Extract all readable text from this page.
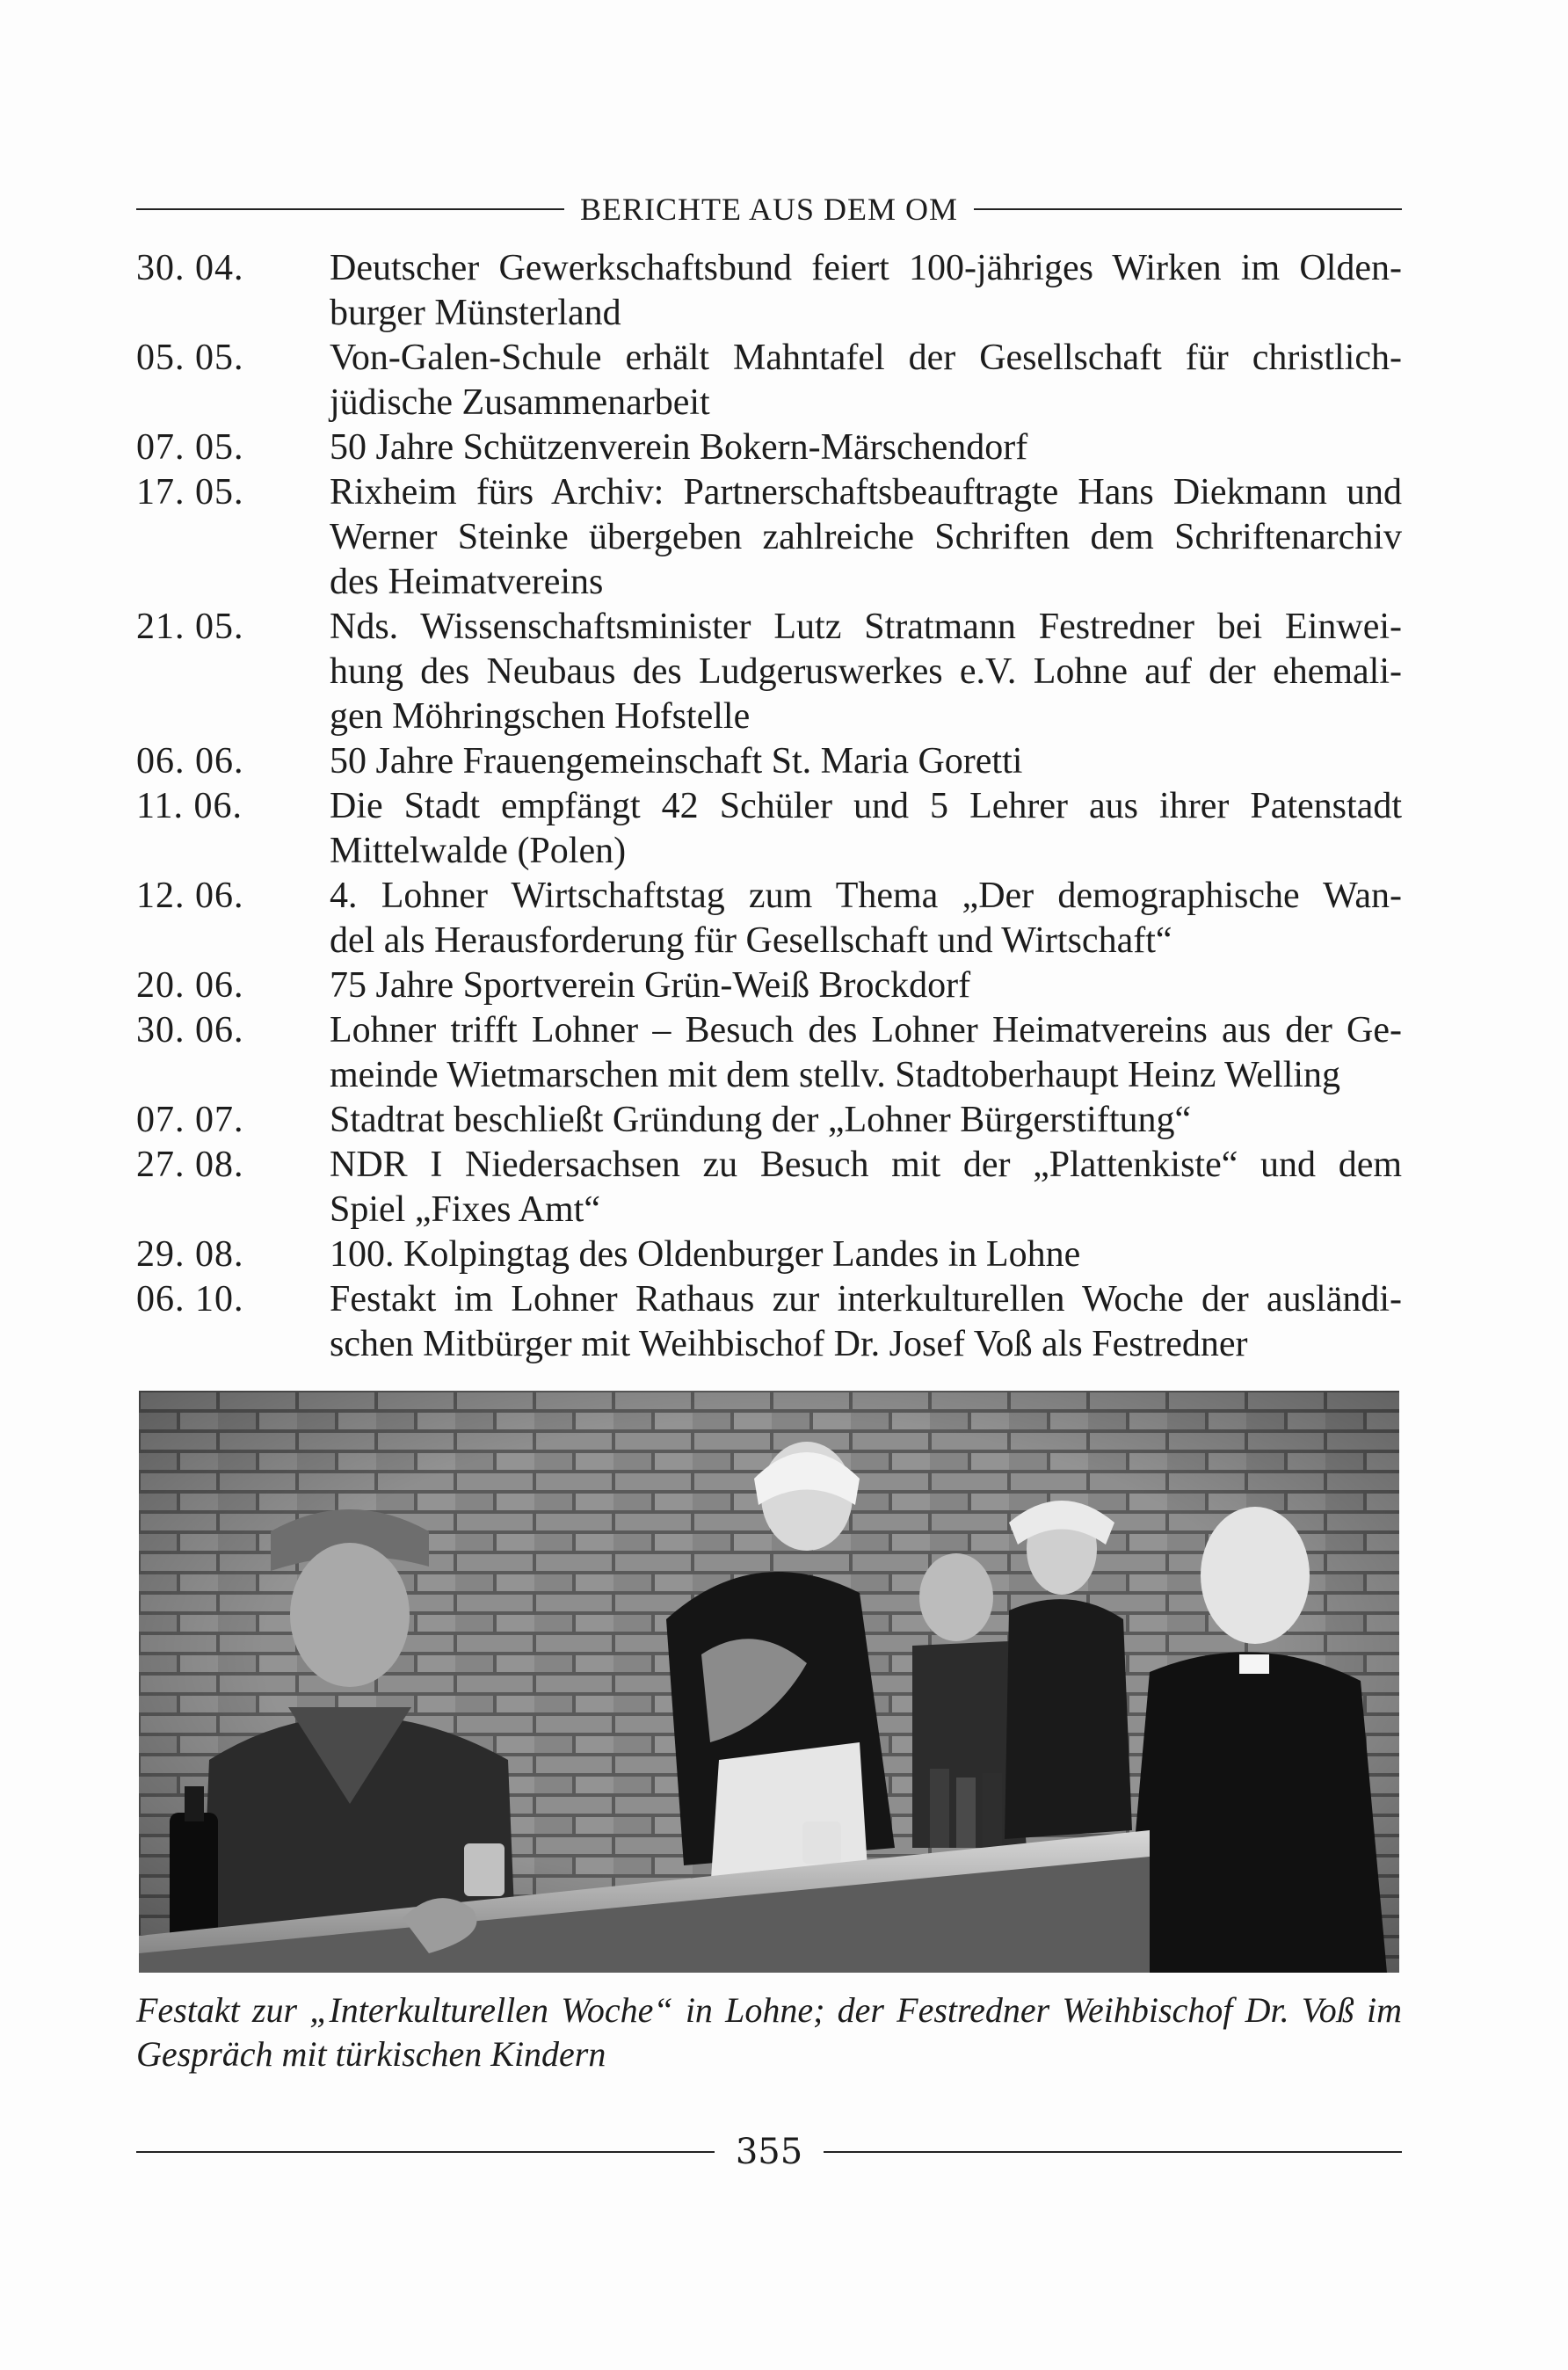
BERICHTE AUS DEM OM
30. 04.	Deutscher Gewerkschaftsbund feiert 100-jähriges Wirken im Olden-
burger Münsterland
05. 05.	Von-Galen-Schule erhält Mahntafel der Gesellschaft für christlich-
jüdische Zusammenarbeit
07. 05.	50 Jahre Schützenverein Bokern-Märschendorf
17. 05.	Rixheim fürs Archiv: Partnerschaftsbeauftragte Hans Diekmann und
Werner Steinke übergeben zahlreiche Schriften dem Schriftenarchiv
des Heimatvereins
21. 05.	Nds. Wissenschaftsminister Lutz Stratmann Festredner bei Einwei-
hung des Neubaus des Ludgeruswerkes e.V. Lohne auf der ehemali-
gen Möhringschen Hofstelle
06. 06.	50 Jahre Frauengemeinschaft St. Maria Goretti
11. 06.	Die Stadt empfängt 42 Schüler und 5 Lehrer aus ihrer Patenstadt
Mittelwalde (Polen)
12. 06.	4. Lohner Wirtschaftstag zum Thema „Der demographische Wan-
del als Herausforderung für Gesellschaft und Wirtschaft“
20. 06.	75 Jahre Sportverein Grün-Weiß Brockdorf
30. 06.	Lohner trifft Lohner – Besuch des Lohner Heimatvereins aus der Ge-
meinde Wietmarschen mit dem stellv. Stadtoberhaupt Heinz Welling
07. 07.	Stadtrat beschließt Gründung der „Lohner Bürgerstiftung“
27. 08.	NDR I Niedersachsen zu Besuch mit der „Plattenkiste“ und dem
Spiel „Fixes Amt“
29. 08.	100. Kolpingtag des Oldenburger Landes in Lohne
06. 10.	Festakt im Lohner Rathaus zur interkulturellen Woche der ausländi-
schen Mitbürger mit Weihbischof Dr. Josef Voß als Festredner
Festakt zur „Interkulturellen Woche“ in Lohne; der Festredner Weihbischof Dr. Voß im
Gespräch mit türkischen Kindern
355
